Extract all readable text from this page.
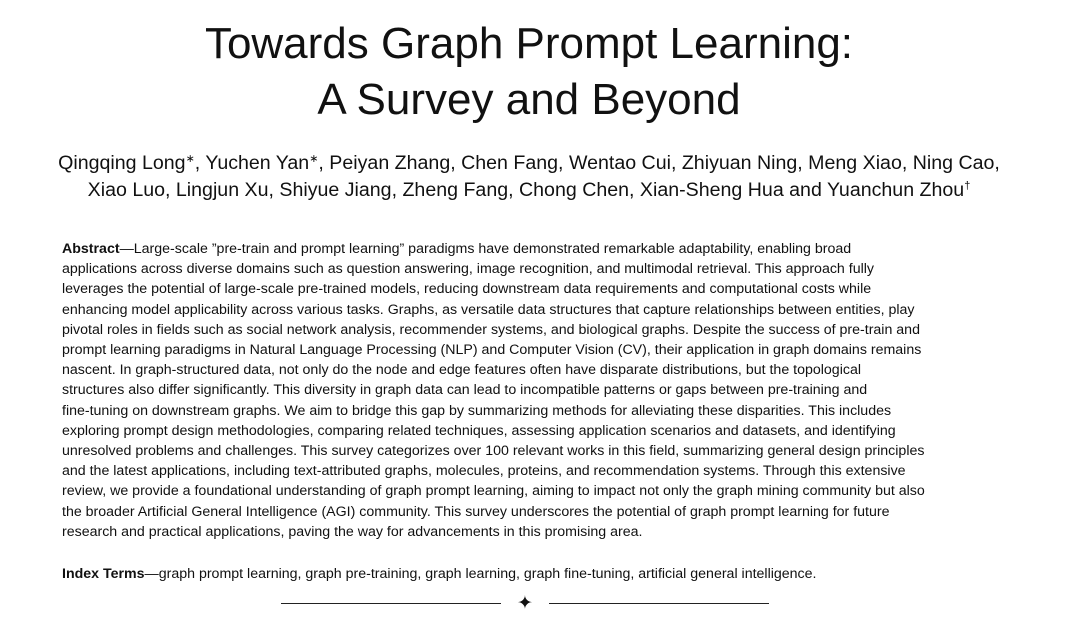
Towards Graph Prompt Learning:
A Survey and Beyond
Qingqing Long∗, Yuchen Yan∗, Peiyan Zhang, Chen Fang, Wentao Cui, Zhiyuan Ning, Meng Xiao, Ning Cao,
Xiao Luo, Lingjun Xu, Shiyue Jiang, Zheng Fang, Chong Chen, Xian-Sheng Hua and Yuanchun Zhou†
Abstract—Large-scale ”pre-train and prompt learning” paradigms have demonstrated remarkable adaptability, enabling broad
applications across diverse domains such as question answering, image recognition, and multimodal retrieval. This approach fully
leverages the potential of large-scale pre-trained models, reducing downstream data requirements and computational costs while
enhancing model applicability across various tasks. Graphs, as versatile data structures that capture relationships between entities, play
pivotal roles in fields such as social network analysis, recommender systems, and biological graphs. Despite the success of pre-train and
prompt learning paradigms in Natural Language Processing (NLP) and Computer Vision (CV), their application in graph domains remains
nascent. In graph-structured data, not only do the node and edge features often have disparate distributions, but the topological
structures also differ significantly. This diversity in graph data can lead to incompatible patterns or gaps between pre-training and
fine-tuning on downstream graphs. We aim to bridge this gap by summarizing methods for alleviating these disparities. This includes
exploring prompt design methodologies, comparing related techniques, assessing application scenarios and datasets, and identifying
unresolved problems and challenges. This survey categorizes over 100 relevant works in this field, summarizing general design principles
and the latest applications, including text-attributed graphs, molecules, proteins, and recommendation systems. Through this extensive
review, we provide a foundational understanding of graph prompt learning, aiming to impact not only the graph mining community but also
the broader Artificial General Intelligence (AGI) community. This survey underscores the potential of graph prompt learning for future
research and practical applications, paving the way for advancements in this promising area.
Index Terms—graph prompt learning, graph pre-training, graph learning, graph fine-tuning, artificial general intelligence.
✦
